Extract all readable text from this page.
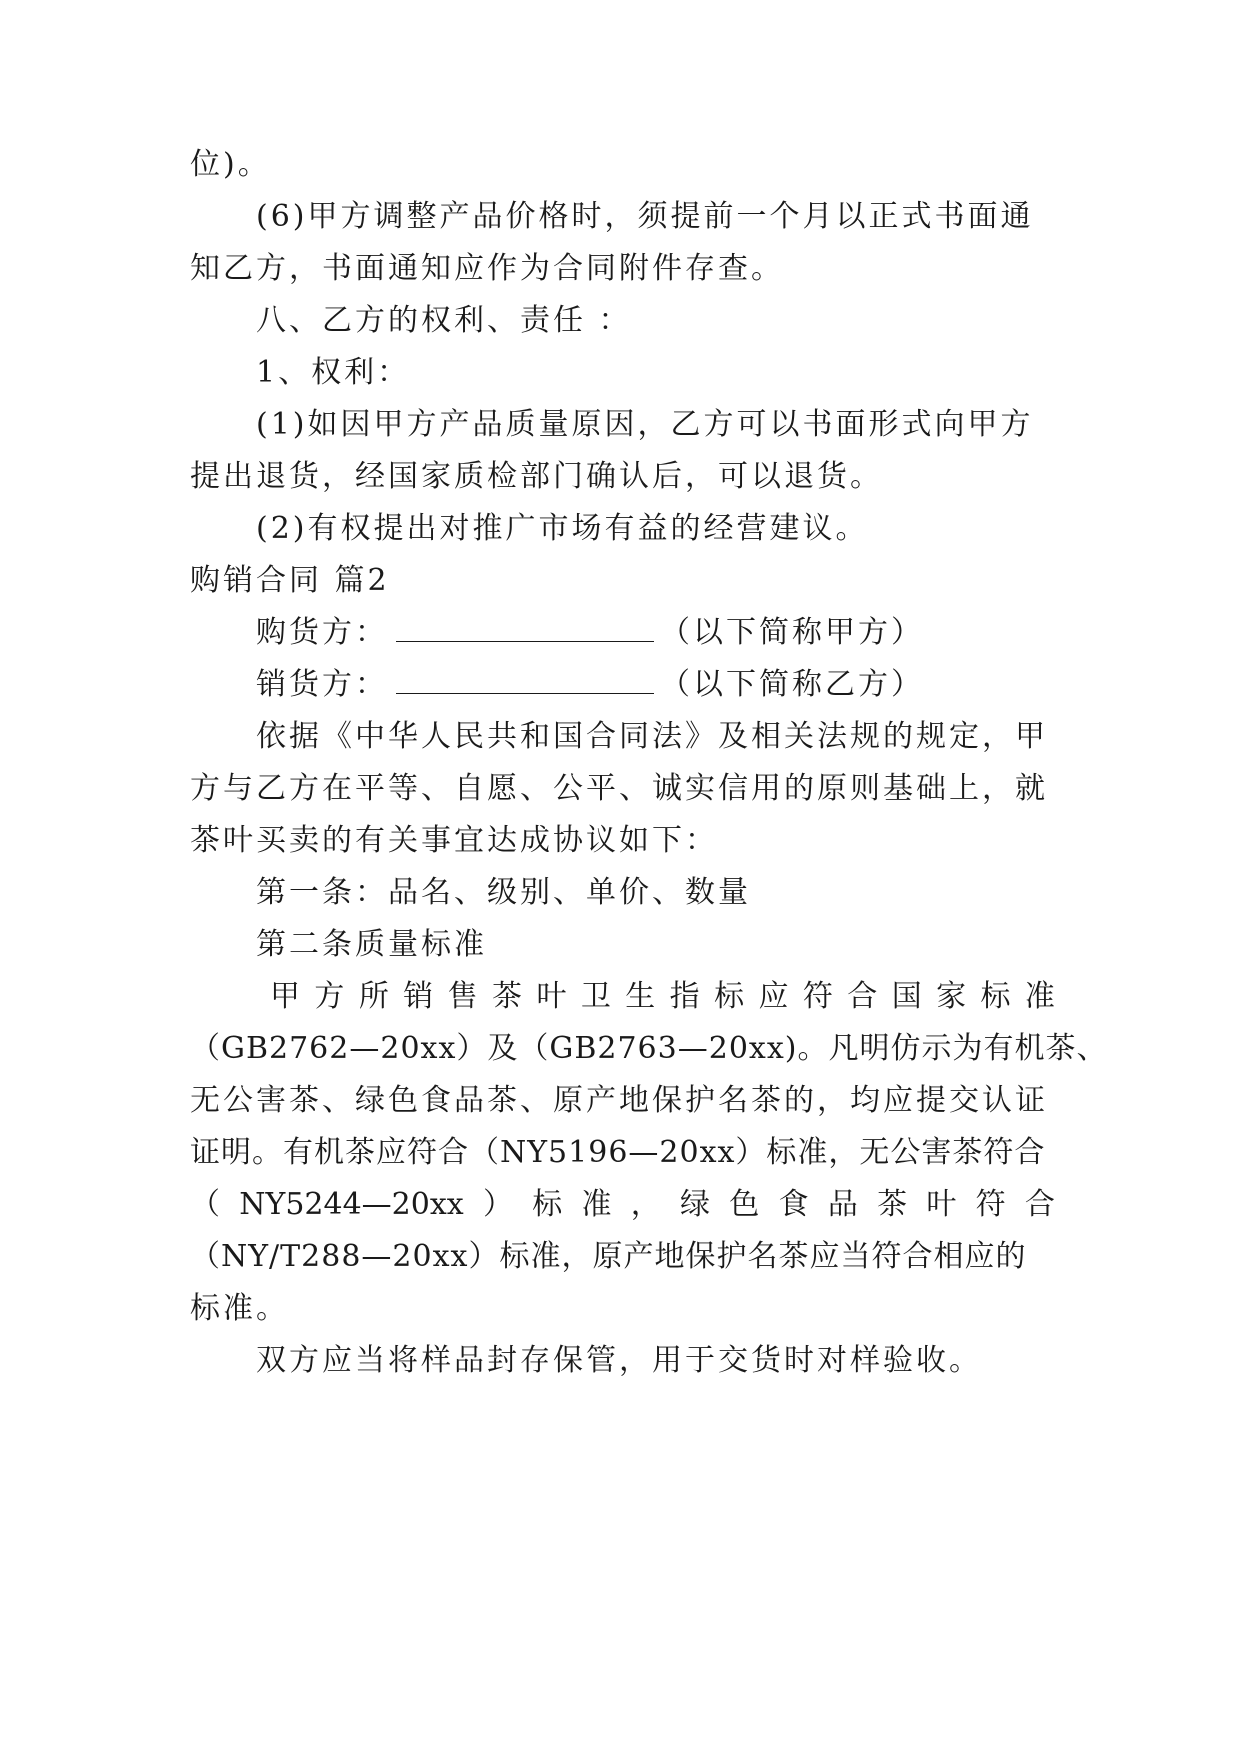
位)。
(6)甲方调整产品价格时，须提前一个月以正式书面通
知乙方，书面通知应作为合同附件存查。
八、乙方的权利、责任 ：
1、权利：
(1)如因甲方产品质量原因，乙方可以书面形式向甲方
提出退货，经国家质检部门确认后，可以退货。
(2)有权提出对推广市场有益的经营建议。
购销合同 篇2
购货方：	（以下简称甲方）
销货方：	（以下简称乙方）
依据《中华人民共和国合同法》及相关法规的规定，甲
方与乙方在平等、自愿、公平、诚实信用的原则基础上，就
茶叶买卖的有关事宜达成协议如下：
第一条：品名、级别、单价、数量
第二条质量标准
甲 方 所 销 售 茶 叶 卫 生 指 标 应 符 合 国 家 标 准
（GB2762—20xx）及（GB2763—20xx)。凡明仿示为有机茶、
无公害茶、绿色食品茶、原产地保护名茶的，均应提交认证
证明。有机茶应符合（NY5196—20xx）标准，无公害茶符合
（ NY5244—20xx ） 标 准 ， 绿 色 食 品 茶 叶 符 合
（NY/T288—20xx）标准，原产地保护名茶应当符合相应的
标准。
双方应当将样品封存保管，用于交货时对样验收。
